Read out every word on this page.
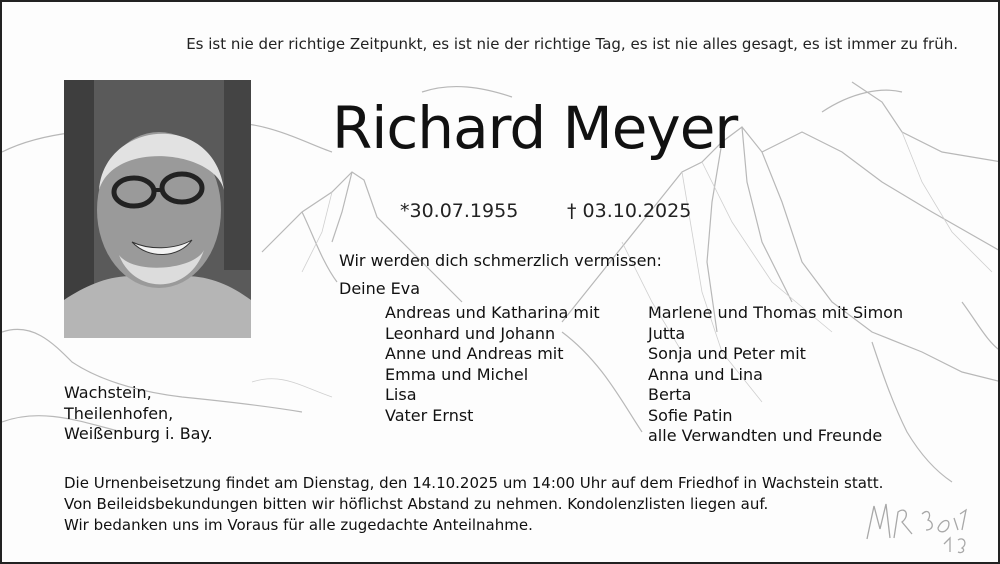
Es ist nie der richtige Zeitpunkt, es ist nie der richtige Tag, es ist nie alles gesagt, es ist immer zu früh.
Richard Meyer
*30.07.1955	† 03.10.2025
Wir werden dich schmerzlich vermissen:
Deine Eva
Andreas und Katharina mit
Leonhard und Johann
Anne und Andreas mit
Emma und Michel
Lisa
Vater Ernst
Marlene und Thomas mit Simon
Jutta
Sonja und Peter mit
Anna und Lina
Berta
Sofie Patin
alle Verwandten und Freunde
Wachstein,
Theilenhofen,
Weißenburg i. Bay.
Die Urnenbeisetzung findet am Dienstag, den 14.10.2025 um 14:00 Uhr auf dem Friedhof in Wachstein statt.
Von Beileidsbekundungen bitten wir höflichst Abstand zu nehmen. Kondolenzlisten liegen auf.
Wir bedanken uns im Voraus für alle zugedachte Anteilnahme.
